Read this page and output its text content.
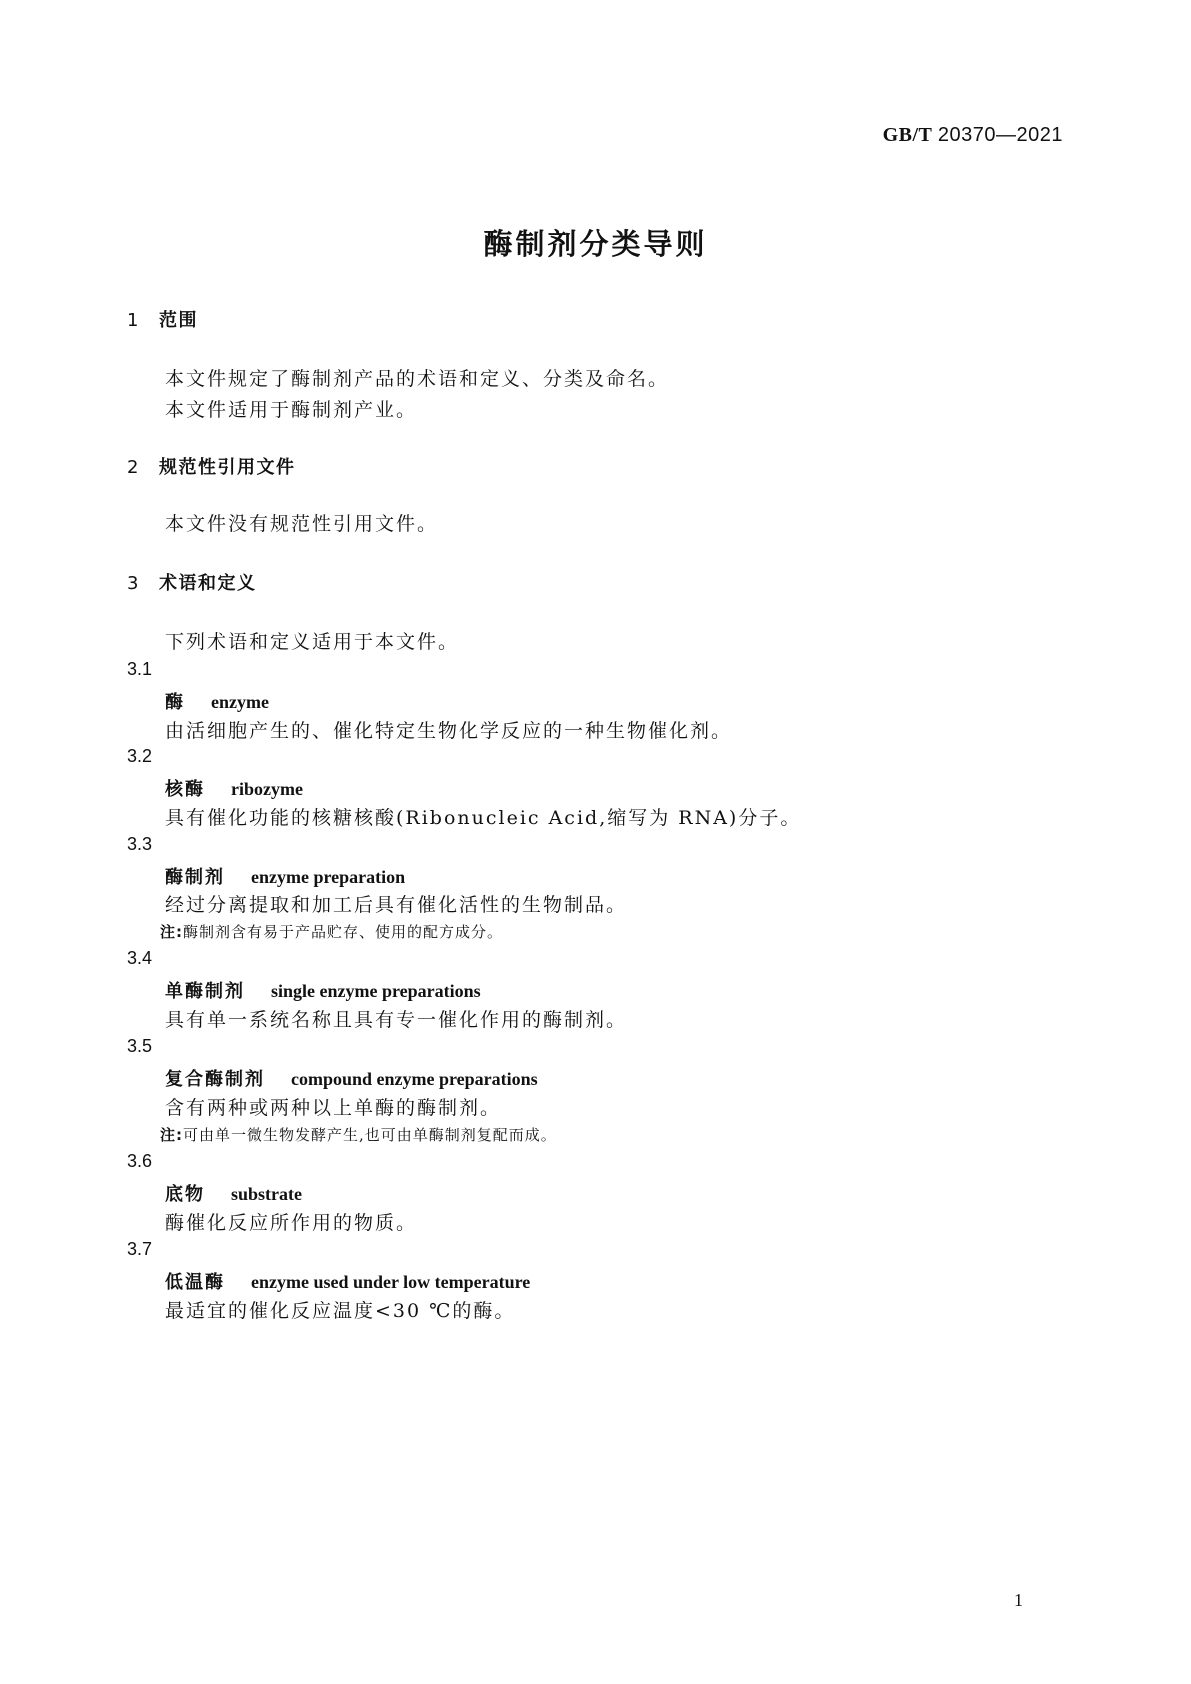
GB/T 20370—2021
酶制剂分类导则
1 范围
本文件规定了酶制剂产品的术语和定义、分类及命名。
本文件适用于酶制剂产业。
2 规范性引用文件
本文件没有规范性引用文件。
3 术语和定义
下列术语和定义适用于本文件。
3.1
酶 enzyme
由活细胞产生的、催化特定生物化学反应的一种生物催化剂。
3.2
核酶 ribozyme
具有催化功能的核糖核酸(Ribonucleic Acid,缩写为 RNA)分子。
3.3
酶制剂 enzyme preparation
经过分离提取和加工后具有催化活性的生物制品。
注:酶制剂含有易于产品贮存、使用的配方成分。
3.4
单酶制剂 single enzyme preparations
具有单一系统名称且具有专一催化作用的酶制剂。
3.5
复合酶制剂 compound enzyme preparations
含有两种或两种以上单酶的酶制剂。
注:可由单一微生物发酵产生,也可由单酶制剂复配而成。
3.6
底物 substrate
酶催化反应所作用的物质。
3.7
低温酶 enzyme used under low temperature
最适宜的催化反应温度<30 ℃的酶。
1
